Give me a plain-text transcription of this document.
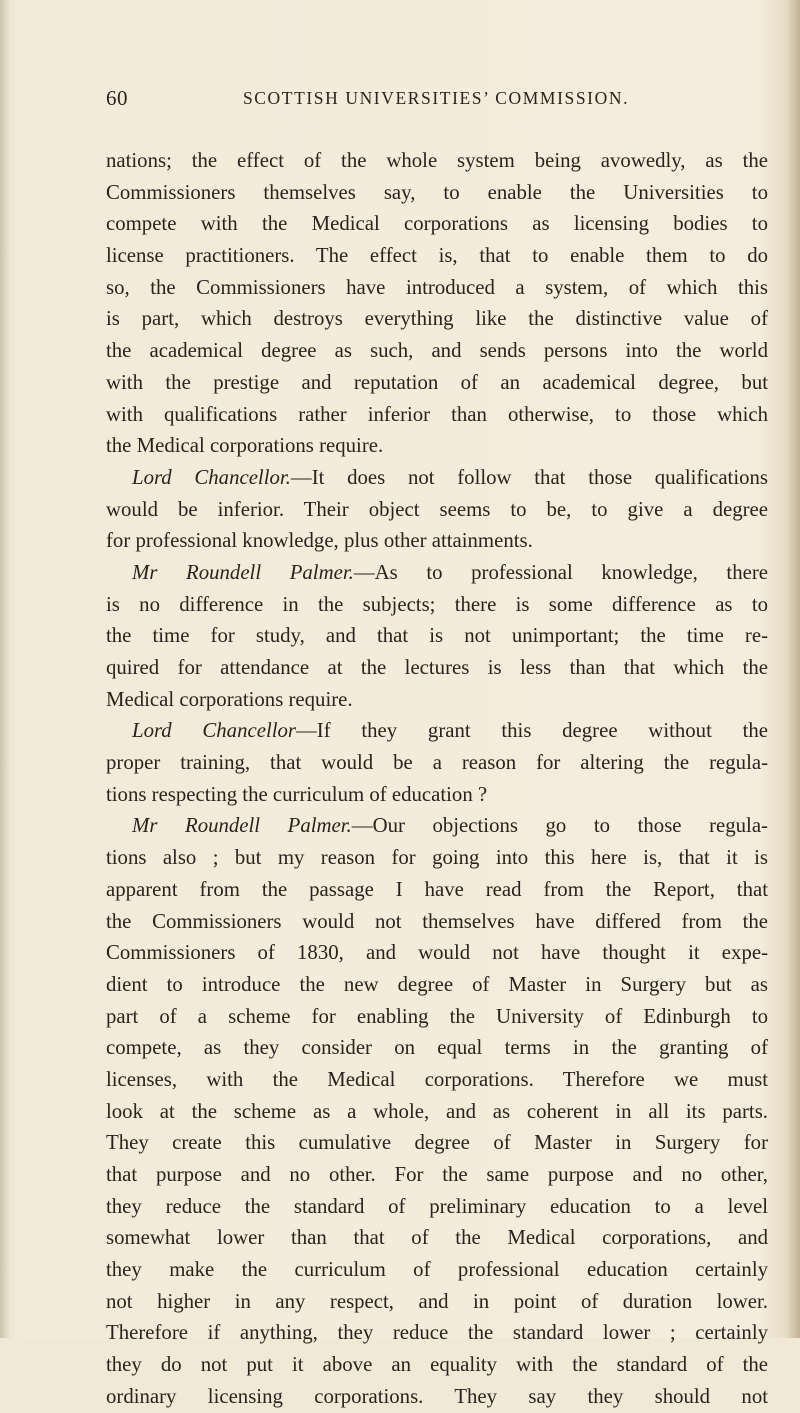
60	SCOTTISH UNIVERSITIES’ COMMISSION.
nations; the effect of the whole system being avowedly, as the
Commissioners themselves say, to enable the Universities to
compete with the Medical corporations as licensing bodies to
license practitioners. The effect is, that to enable them to do
so, the Commissioners have introduced a system, of which this
is part, which destroys everything like the distinctive value of
the academical degree as such, and sends persons into the world
with the prestige and reputation of an academical degree, but
with qualifications rather inferior than otherwise, to those which
the Medical corporations require.
Lord Chancellor.—It does not follow that those qualifications
would be inferior. Their object seems to be, to give a degree
for professional knowledge, plus other attainments.
Mr Roundell Palmer.—As to professional knowledge, there
is no difference in the subjects; there is some difference as to
the time for study, and that is not unimportant; the time re-
quired for attendance at the lectures is less than that which the
Medical corporations require.
Lord Chancellor—If they grant this degree without the
proper training, that would be a reason for altering the regula-
tions respecting the curriculum of education ?
Mr Roundell Palmer.—Our objections go to those regula-
tions also ; but my reason for going into this here is, that it is
apparent from the passage I have read from the Report, that
the Commissioners would not themselves have differed from the
Commissioners of 1830, and would not have thought it expe-
dient to introduce the new degree of Master in Surgery but as
part of a scheme for enabling the University of Edinburgh to
compete, as they consider on equal terms in the granting of
licenses, with the Medical corporations. Therefore we must
look at the scheme as a whole, and as coherent in all its parts.
They create this cumulative degree of Master in Surgery for
that purpose and no other. For the same purpose and no other,
they reduce the standard of preliminary education to a level
somewhat lower than that of the Medical corporations, and
they make the curriculum of professional education certainly
not higher in any respect, and in point of duration lower.
Therefore if anything, they reduce the standard lower ; certainly
they do not put it above an equality with the standard of the
ordinary licensing corporations. They say they should not
